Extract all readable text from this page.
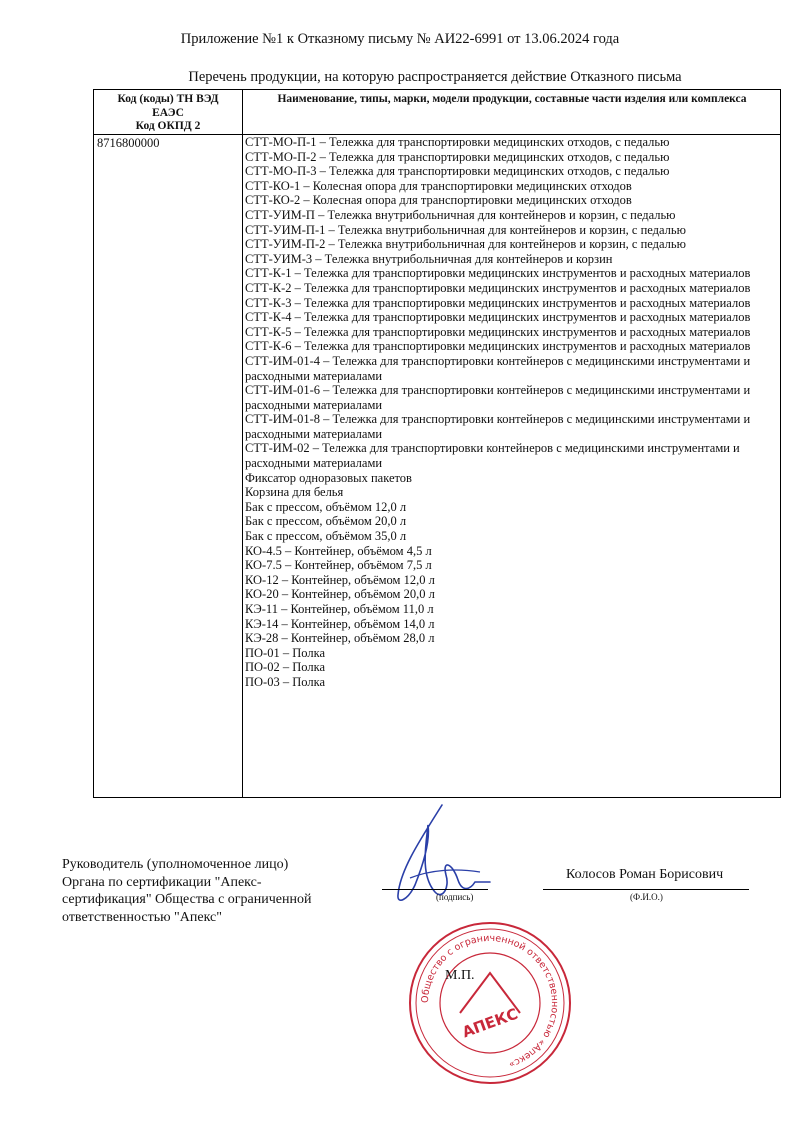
Приложение №1 к Отказному письму № АИ22-6991 от 13.06.2024 года
Перечень продукции, на которую распространяется действие Отказного письма
Код (коды) ТН ВЭД
ЕАЭС
Код ОКПД 2
Наименование, типы, марки, модели продукции, составные части изделия или комплекса
8716800000	СТТ-МО-П-1 – Тележка для транспортировки медицинских отходов, с педалью
СТТ-МО-П-2 – Тележка для транспортировки медицинских отходов, с педалью
СТТ-МО-П-3 – Тележка для транспортировки медицинских отходов, с педалью
СТТ-КО-1 – Колесная опора для транспортировки медицинских отходов
СТТ-КО-2 – Колесная опора для транспортировки медицинских отходов
СТТ-УИМ-П – Тележка внутрибольничная для контейнеров и корзин, с педалью
СТТ-УИМ-П-1 – Тележка внутрибольничная для контейнеров и корзин, с педалью
СТТ-УИМ-П-2 – Тележка внутрибольничная для контейнеров и корзин, с педалью
СТТ-УИМ-3 – Тележка внутрибольничная для контейнеров и корзин
СТТ-К-1 – Тележка для транспортировки медицинских инструментов и расходных материалов
СТТ-К-2 – Тележка для транспортировки медицинских инструментов и расходных материалов
СТТ-К-3 – Тележка для транспортировки медицинских инструментов и расходных материалов
СТТ-К-4 – Тележка для транспортировки медицинских инструментов и расходных материалов
СТТ-К-5 – Тележка для транспортировки медицинских инструментов и расходных материалов
СТТ-К-6 – Тележка для транспортировки медицинских инструментов и расходных материалов
СТТ-ИМ-01-4 – Тележка для транспортировки контейнеров с медицинскими инструментами и расходными материалами
СТТ-ИМ-01-6 – Тележка для транспортировки контейнеров с медицинскими инструментами и расходными материалами
СТТ-ИМ-01-8 – Тележка для транспортировки контейнеров с медицинскими инструментами и расходными материалами
СТТ-ИМ-02 – Тележка для транспортировки контейнеров с медицинскими инструментами и расходными материалами
Фиксатор одноразовых пакетов
Корзина для белья
Бак с прессом, объёмом 12,0 л
Бак с прессом, объёмом 20,0 л
Бак с прессом, объёмом 35,0 л
КО-4.5 – Контейнер, объёмом 4,5 л
КО-7.5 – Контейнер, объёмом 7,5 л
КО-12 – Контейнер, объёмом 12,0 л
КО-20 – Контейнер, объёмом 20,0 л
КЭ-11 – Контейнер, объёмом 11,0 л
КЭ-14 – Контейнер, объёмом 14,0 л
КЭ-28 – Контейнер, объёмом 28,0 л
ПО-01 – Полка
ПО-02 – Полка
ПО-03 – Полка
Руководитель (уполномоченное лицо)
Органа по сертификации "Апекс-
сертификация" Общества с ограниченной
ответственностью "Апекс"
(подпись)
Колосов Роман Борисович
(Ф.И.О.)
Общество с ограниченной ответственностью «Апекс»
АПЕКС
М.П.
